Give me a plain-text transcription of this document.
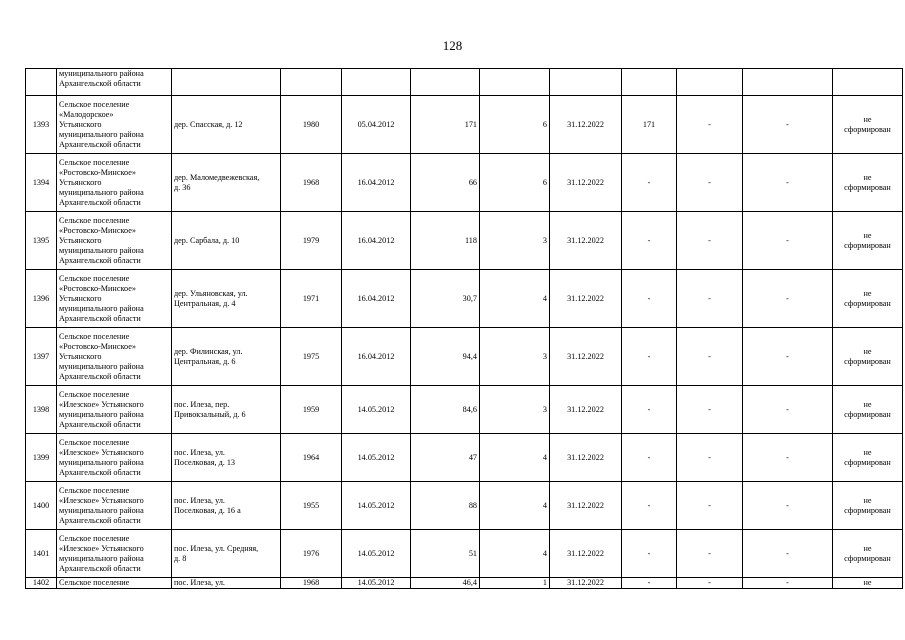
128
	муниципального района
Архангельской области										
1393	Сельское поселение
«Малодорское»
Устьянского
муниципального района
Архангельской области	дер. Спасская, д. 12	1980	05.04.2012	171	6	31.12.2022	171	-	-	не
сформирован
1394	Сельское поселение
«Ростовско-Минское»
Устьянского
муниципального района
Архангельской области	дер. Маломедвежевская,
д. 36	1968	16.04.2012	66	6	31.12.2022	-	-	-	не
сформирован
1395	Сельское поселение
«Ростовско-Минское»
Устьянского
муниципального района
Архангельской области	дер. Сарбала, д. 10	1979	16.04.2012	118	3	31.12.2022	-	-	-	не
сформирован
1396	Сельское поселение
«Ростовско-Минское»
Устьянского
муниципального района
Архангельской области	дер. Ульяновская, ул.
Центральная, д. 4	1971	16.04.2012	30,7	4	31.12.2022	-	-	-	не
сформирован
1397	Сельское поселение
«Ростовско-Минское»
Устьянского
муниципального района
Архангельской области	дер. Филинская, ул.
Центральная, д. 6	1975	16.04.2012	94,4	3	31.12.2022	-	-	-	не
сформирован
1398	Сельское поселение
«Илезское» Устьянского
муниципального района
Архангельской области	пос. Илеза, пер.
Привокзальный, д. 6	1959	14.05.2012	84,6	3	31.12.2022	-	-	-	не
сформирован
1399	Сельское поселение
«Илезское» Устьянского
муниципального района
Архангельской области	пос. Илеза, ул.
Поселковая, д. 13	1964	14.05.2012	47	4	31.12.2022	-	-	-	не
сформирован
1400	Сельское поселение
«Илезское» Устьянского
муниципального района
Архангельской области	пос. Илеза, ул.
Поселковая, д. 16 а	1955	14.05.2012	88	4	31.12.2022	-	-	-	не
сформирован
1401	Сельское поселение
«Илезское» Устьянского
муниципального района
Архангельской области	пос. Илеза, ул. Средняя,
д. 8	1976	14.05.2012	51	4	31.12.2022	-	-	-	не
сформирован
1402	Сельское поселение	пос. Илеза, ул.	1968	14.05.2012	46,4	1	31.12.2022	-	-	-	не
